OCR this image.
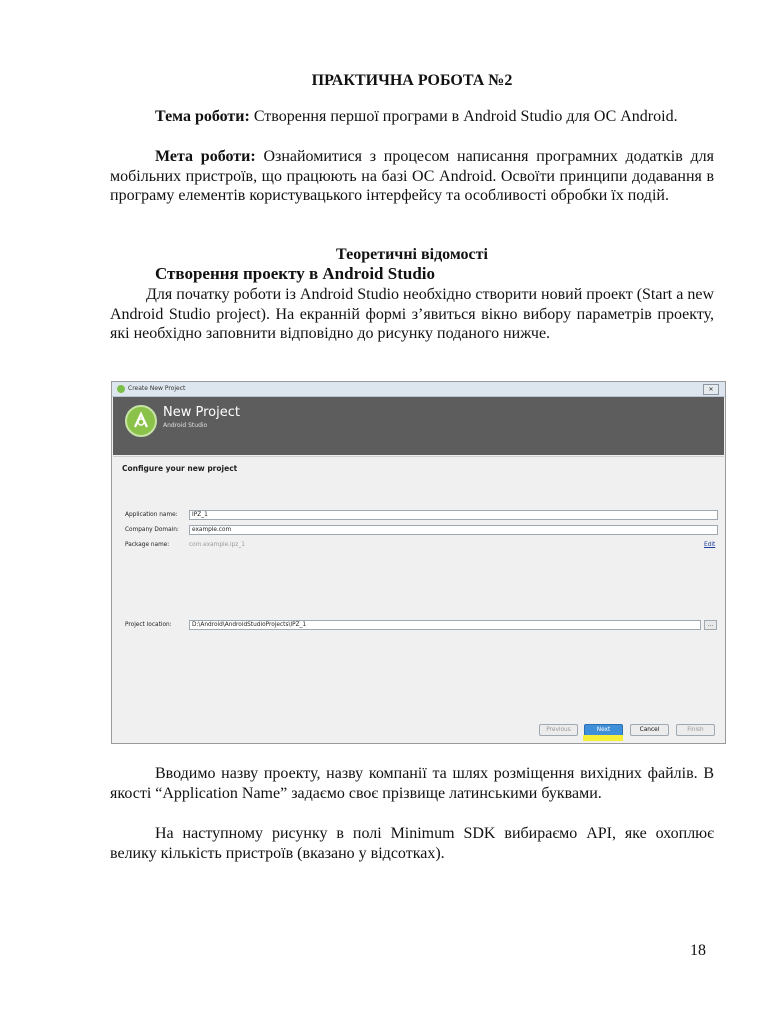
ПРАКТИЧНА РОБОТА №2

Тема роботи: Створення першої програми в Android Studio для ОС Android.

Мета роботи: Ознайомитися з процесом написання програмних додатків для мобільних пристроїв, що працюють на базі ОС Android. Освоїти принципи додавання в програму елементів користувацького інтерфейсу та особливості обробки їх подій.

Теоретичні відомості
Створення проекту в Android Studio

Для початку роботи із Android Studio необхідно створити новий проект (Start a new Android Studio project). На екранній формі з’явиться вікно вибору параметрів проекту, які необхідно заповнити відповідно до рисунку поданого нижче.

Create New Project	✕
New Project
Android Studio
Configure your new project
Application name:	IPZ_1
Company Domain:	example.com
Package name:	com.example.ipz_1	Edit
Project location:	D:\Android\AndroidStudioProjects\IPZ_1	...
Previous	Next	Cancel	Finish

Вводимо назву проекту, назву компанії та шлях розміщення вихідних файлів. В якості “Application Name” задаємо своє прізвище латинськими буквами.

На наступному рисунку в полі Minimum SDK вибираємо API, яке охоплює велику кількість пристроїв (вказано у відсотках).

18
